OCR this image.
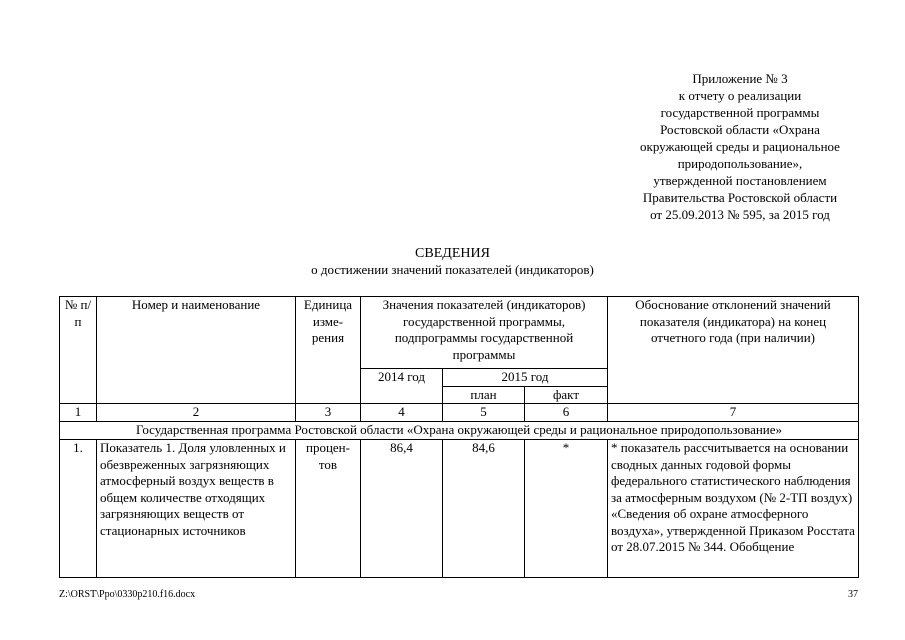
Приложение № 3
к отчету о реализации
государственной программы
Ростовской области «Охрана
окружающей среды и рациональное
природопользование»,
утвержденной постановлением
Правительства Ростовской области
от 25.09.2013 № 595, за 2015 год
СВЕДЕНИЯ
о достижении значений показателей (индикаторов)
№ п/п	Номер и наименование	Единица изме-рения	Значения показателей (индикаторов) государственной программы, подпрограммы государственной программы			Обоснование отклонений значений показателя (индикатора) на конец отчетного года (при наличии)
			2014 год	2015 год		
				план	факт	
1	2	3	4	5	6	7
Государственная программа Ростовской области «Охрана окружающей среды и рациональное природопользование»						
1.	Показатель 1. Доля уловленных и обезвреженных загрязняющих атмосферный воздух веществ в общем количестве отходящих загрязняющих веществ от стационарных источников	процен-тов	86,4	84,6	*	* показатель рассчитывается на основании сводных данных годовой формы федерального статистического наблюдения за атмосферным воздухом (№ 2-ТП воздух) «Сведения об охране атмосферного воздуха», утвержденной Приказом Росстата от 28.07.2015 № 344. Обобщение
Z:\ORST\Ppo\0330p210.f16.docx	37
